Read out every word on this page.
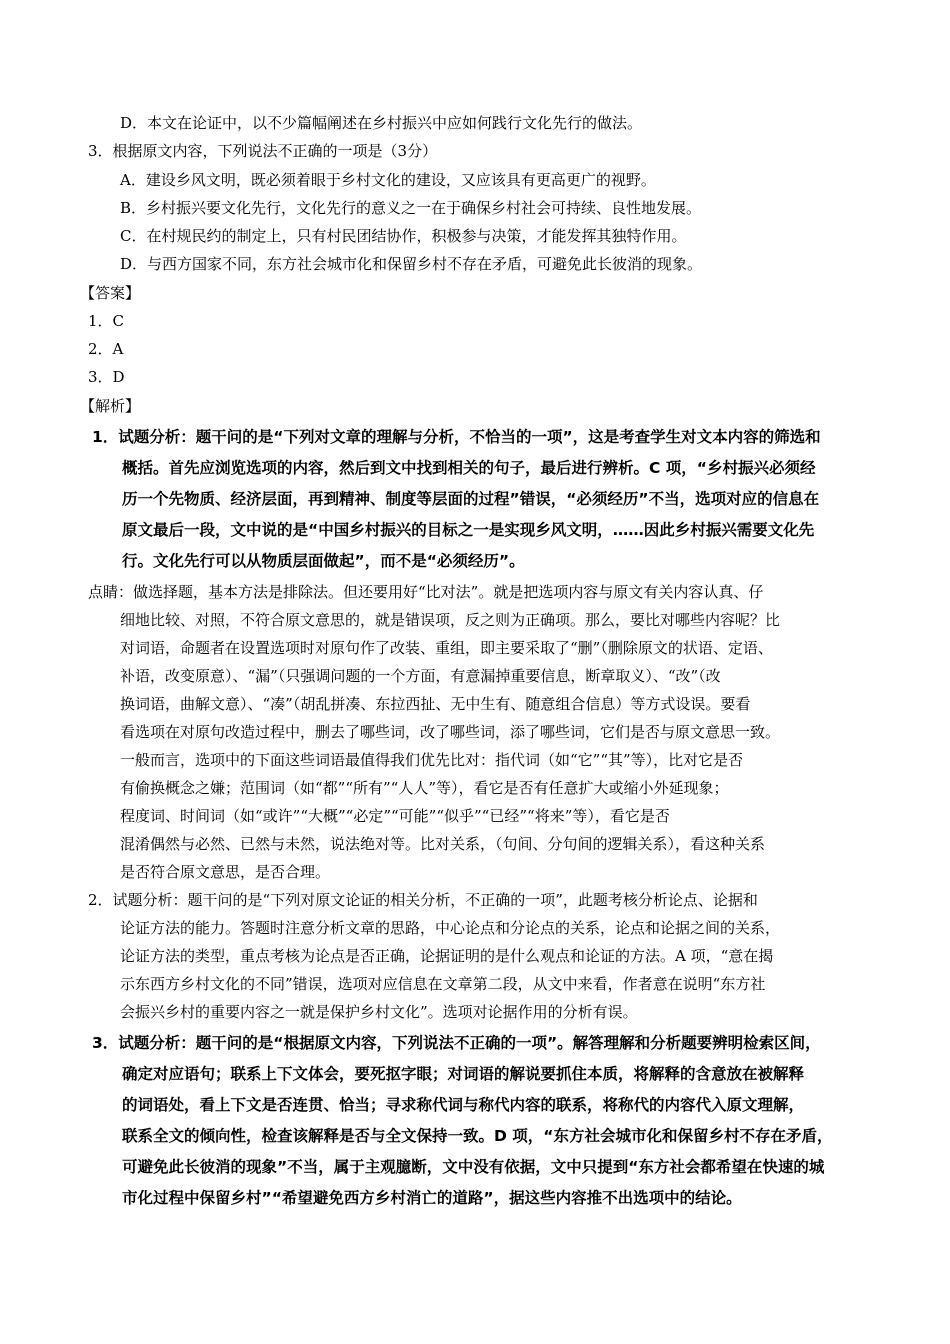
D．本文在论证中，以不少篇幅阐述在乡村振兴中应如何践行文化先行的做法。
3．根据原文内容，下列说法不正确的一项是（3分）
A．建设乡风文明，既必须着眼于乡村文化的建设，又应该具有更高更广的视野。
B．乡村振兴要文化先行，文化先行的意义之一在于确保乡村社会可持续、良性地发展。
C．在村规民约的制定上，只有村民团结协作，积极参与决策，才能发挥其独特作用。
D．与西方国家不同，东方社会城市化和保留乡村不存在矛盾，可避免此长彼消的现象。
【答案】
1．C
2．A
3．D
【解析】
1．试题分析：题干问的是“下列对文章的理解与分析，不恰当的一项”，这是考查学生对文本内容的筛选和
概括。首先应浏览选项的内容，然后到文中找到相关的句子，最后进行辨析。C 项，“乡村振兴必须经
历一个先物质、经济层面，再到精神、制度等层面的过程”错误，“必须经历”不当，选项对应的信息在
原文最后一段，文中说的是“中国乡村振兴的目标之一是实现乡风文明，……因此乡村振兴需要文化先
行。文化先行可以从物质层面做起”，而不是“必须经历”。
点睛：做选择题，基本方法是排除法。但还要用好“比对法”。就是把选项内容与原文有关内容认真、仔
细地比较、对照，不符合原文意思的，就是错误项，反之则为正确项。那么，要比对哪些内容呢？比
对词语，命题者在设置选项时对原句作了改装、重组，即主要采取了“删”（删除原文的状语、定语、
补语，改变原意）、“漏”（只强调问题的一个方面，有意漏掉重要信息，断章取义）、“改”（改
换词语，曲解文意）、“凑”（胡乱拼凑、东拉西扯、无中生有、随意组合信息）等方式设误。要看
看选项在对原句改造过程中，删去了哪些词，改了哪些词，添了哪些词，它们是否与原文意思一致。
一般而言，选项中的下面这些词语最值得我们优先比对：指代词（如“它”“其”等），比对它是否
有偷换概念之嫌；范围词（如“都”“所有”“人人”等），看它是否有任意扩大或缩小外延现象；
程度词、时间词（如“或许”“大概”“必定”“可能”“似乎”“已经”“将来”等），看它是否
混淆偶然与必然、已然与未然，说法绝对等。比对关系，（句间、分句间的逻辑关系），看这种关系
是否符合原文意思，是否合理。
2．试题分析：题干问的是“下列对原文论证的相关分析，不正确的一项”，此题考核分析论点、论据和
论证方法的能力。答题时注意分析文章的思路，中心论点和分论点的关系，论点和论据之间的关系，
论证方法的类型，重点考核为论点是否正确，论据证明的是什么观点和论证的方法。A 项，“意在揭
示东西方乡村文化的不同”错误，选项对应信息在文章第二段，从文中来看，作者意在说明“东方社
会振兴乡村的重要内容之一就是保护乡村文化”。选项对论据作用的分析有误。
3．试题分析：题干问的是“根据原文内容，下列说法不正确的一项”。解答理解和分析题要辨明检索区间，
确定对应语句；联系上下文体会，要死抠字眼；对词语的解说要抓住本质，将解释的含意放在被解释
的词语处，看上下文是否连贯、恰当；寻求称代词与称代内容的联系，将称代的内容代入原文理解，
联系全文的倾向性，检查该解释是否与全文保持一致。D 项，“东方社会城市化和保留乡村不存在矛盾，
可避免此长彼消的现象”不当，属于主观臆断，文中没有依据，文中只提到“东方社会都希望在快速的城
市化过程中保留乡村”“希望避免西方乡村消亡的道路”，据这些内容推不出选项中的结论。
